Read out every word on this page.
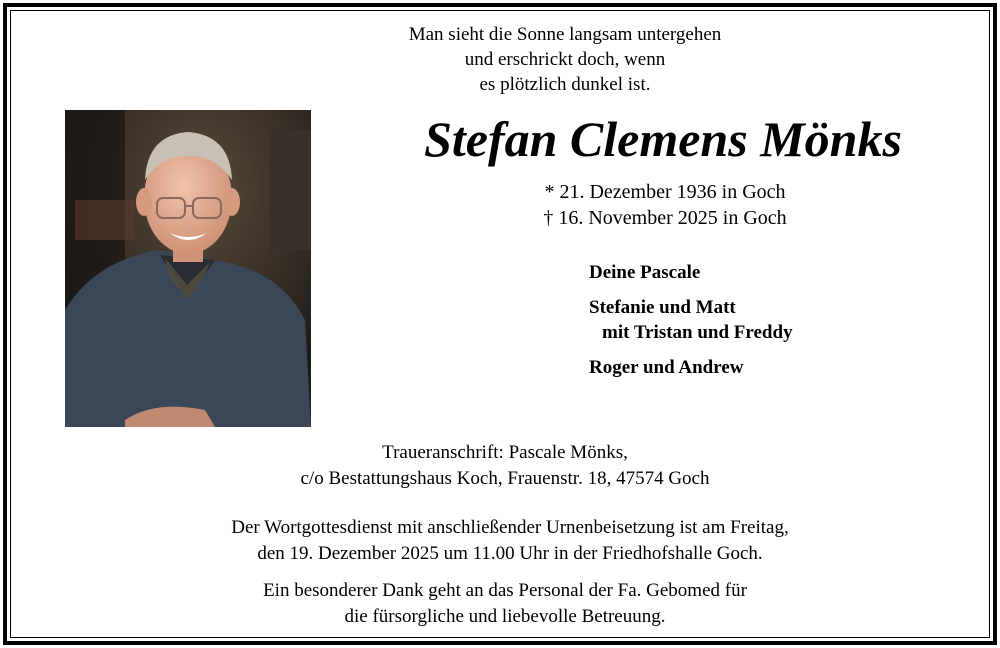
Man sieht die Sonne langsam untergehen
und erschrickt doch, wenn
es plötzlich dunkel ist.
Stefan Clemens Mönks
* 21. Dezember 1936 in Goch
† 16. November 2025 in Goch
Deine Pascale
Stefanie und Matt
mit Tristan und Freddy
Roger und Andrew
Traueranschrift: Pascale Mönks,
c/o Bestattungshaus Koch, Frauenstr. 18, 47574 Goch
Der Wortgottesdienst mit anschließender Urnenbeisetzung ist am Freitag,
den 19. Dezember 2025 um 11.00 Uhr in der Friedhofshalle Goch.
Ein besonderer Dank geht an das Personal der Fa. Gebomed für
die fürsorgliche und liebevolle Betreuung.
